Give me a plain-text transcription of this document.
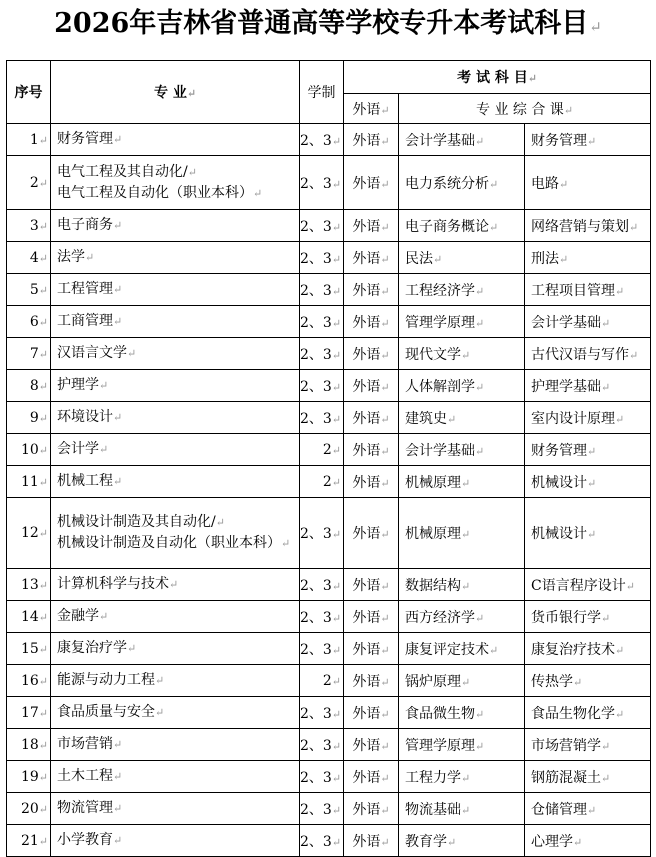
2026年吉林省普通高等学校专升本考试科目↵
序号	专 业↵	学制	考 试 科 目↵		
			外语↵	专 业 综 合 课↵	
1↵	财务管理↵	2、3↵	外语↵	会计学基础↵	财务管理↵
2↵	电气工程及其自动化/↵
电气工程及自动化（职业本科）↵	2、3↵	外语↵	电力系统分析↵	电路↵
3↵	电子商务↵	2、3↵	外语↵	电子商务概论↵	网络营销与策划↵
4↵	法学↵	2、3↵	外语↵	民法↵	刑法↵
5↵	工程管理↵	2、3↵	外语↵	工程经济学↵	工程项目管理↵
6↵	工商管理↵	2、3↵	外语↵	管理学原理↵	会计学基础↵
7↵	汉语言文学↵	2、3↵	外语↵	现代文学↵	古代汉语与写作↵
8↵	护理学↵	2、3↵	外语↵	人体解剖学↵	护理学基础↵
9↵	环境设计↵	2、3↵	外语↵	建筑史↵	室内设计原理↵
10↵	会计学↵	2↵	外语↵	会计学基础↵	财务管理↵
11↵	机械工程↵	2↵	外语↵	机械原理↵	机械设计↵
12↵	机械设计制造及其自动化/↵
机械设计制造及自动化（职业本科）↵	2、3↵	外语↵	机械原理↵	机械设计↵
13↵	计算机科学与技术↵	2、3↵	外语↵	数据结构↵	C语言程序设计↵
14↵	金融学↵	2、3↵	外语↵	西方经济学↵	货币银行学↵
15↵	康复治疗学↵	2、3↵	外语↵	康复评定技术↵	康复治疗技术↵
16↵	能源与动力工程↵	2↵	外语↵	锅炉原理↵	传热学↵
17↵	食品质量与安全↵	2、3↵	外语↵	食品微生物↵	食品生物化学↵
18↵	市场营销↵	2、3↵	外语↵	管理学原理↵	市场营销学↵
19↵	土木工程↵	2、3↵	外语↵	工程力学↵	钢筋混凝土↵
20↵	物流管理↵	2、3↵	外语↵	物流基础↵	仓储管理↵
21↵	小学教育↵	2、3↵	外语↵	教育学↵	心理学↵
